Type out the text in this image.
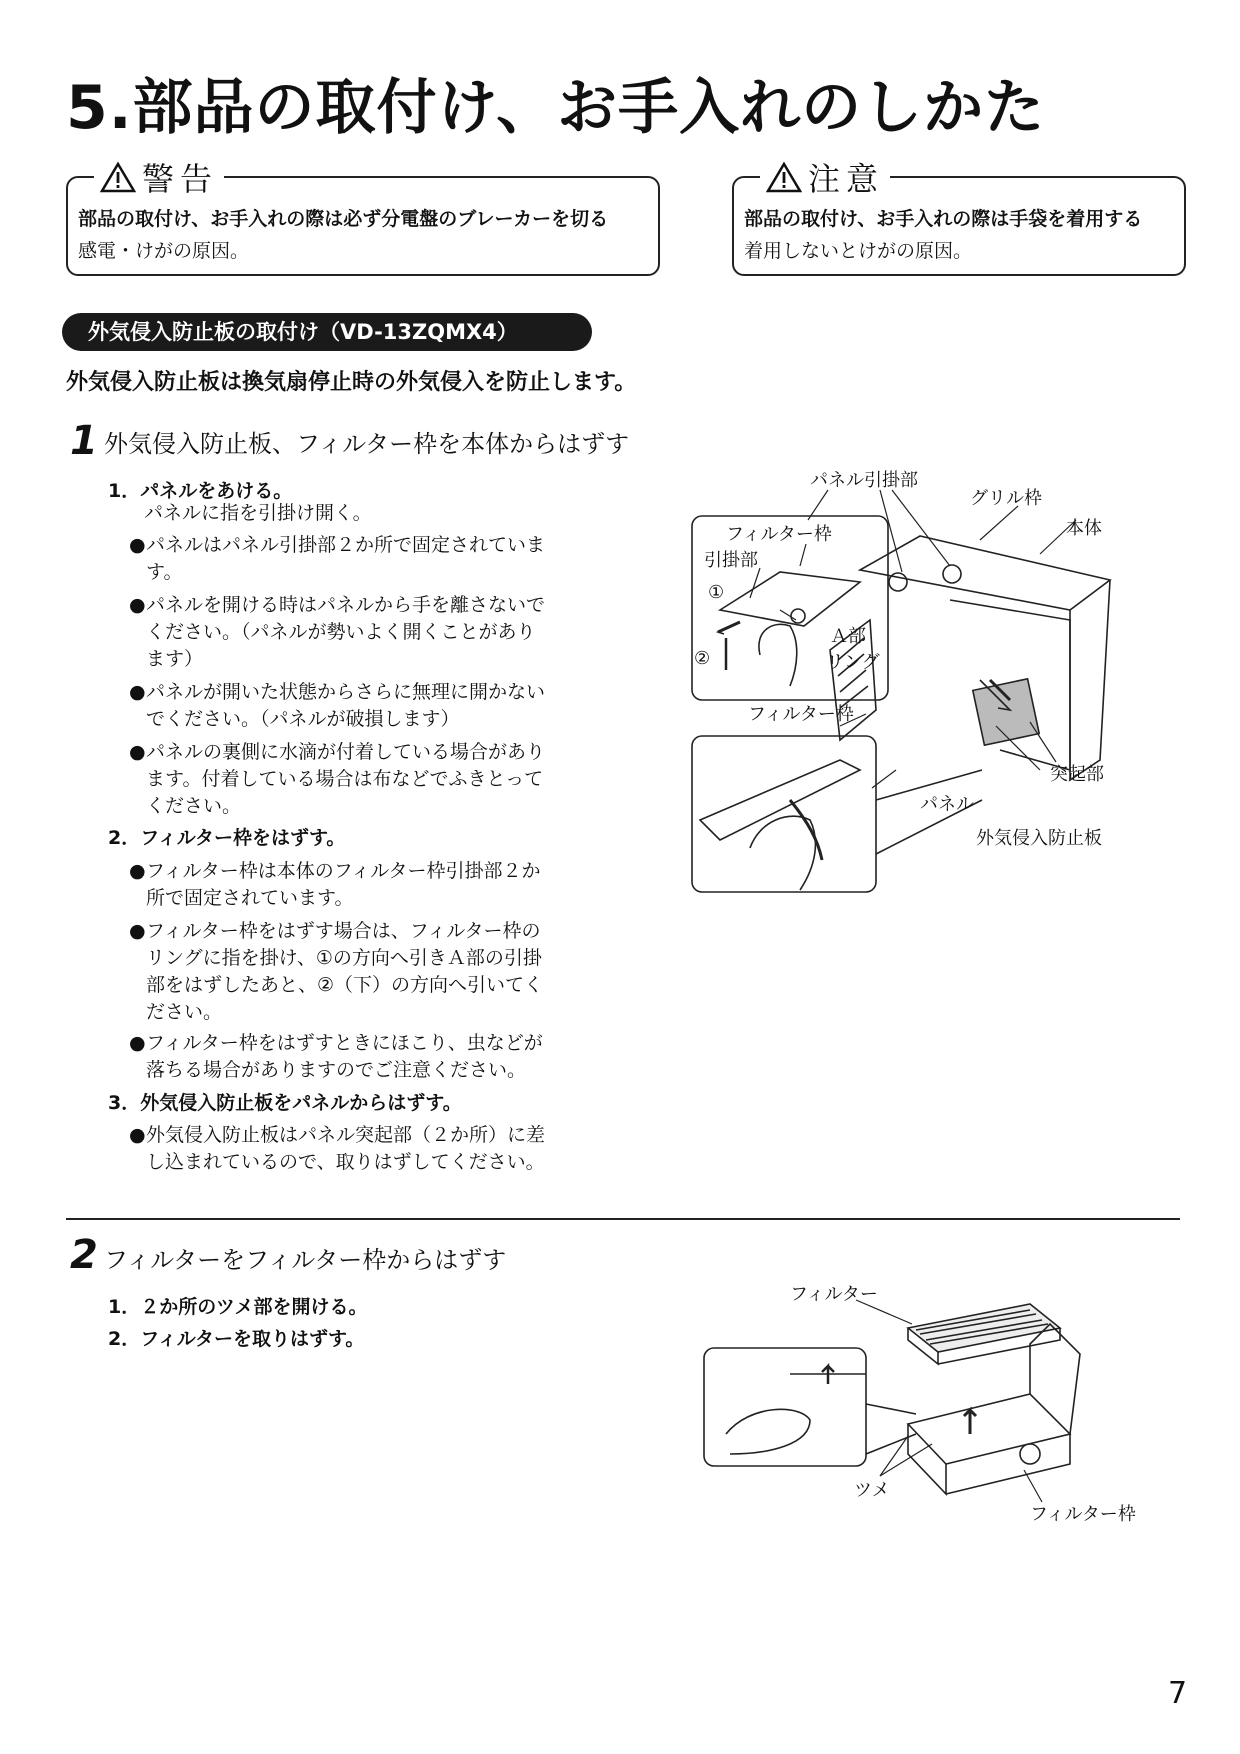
5.部品の取付け、お手入れのしかた
警告
部品の取付け、お手入れの際は必ず分電盤のブレーカーを切る
感電・けがの原因。
注意
部品の取付け、お手入れの際は手袋を着用する
着用しないとけがの原因。
外気侵入防止板の取付け（VD-13ZQMX4）
外気侵入防止板は換気扇停止時の外気侵入を防止します。
1 外気侵入防止板、フィルター枠を本体からはずす
1．パネルをあける。
パネルに指を引掛け開く。
● パネルはパネル引掛部２か所で固定されていま
す。
● パネルを開ける時はパネルから手を離さないで
ください。（パネルが勢いよく開くことがあり
ます）
● パネルが開いた状態からさらに無理に開かない
でください。（パネルが破損します）
● パネルの裏側に水滴が付着している場合があり
ます。付着している場合は布などでふきとって
ください。
2．フィルター枠をはずす。
● フィルター枠は本体のフィルター枠引掛部２か
所で固定されています。
● フィルター枠をはずす場合は、フィルター枠の
リングに指を掛け、①の方向へ引きＡ部の引掛
部をはずしたあと、②（下）の方向へ引いてく
ださい。
● フィルター枠をはずすときにほこり、虫などが
落ちる場合がありますのでご注意ください。
3．外気侵入防止板をパネルからはずす。
● 外気侵入防止板はパネル突起部（２か所）に差
し込まれているので、取りはずしてください。
パネル引掛部
グリル枠
本体
フィルター枠
引掛部
①
②
Ａ部
リング
フィルター枠
突起部
パネル
外気侵入防止板
2 フィルターをフィルター枠からはずす
1．２か所のツメ部を開ける。
2．フィルターを取りはずす。
フィルター
ツメ
フィルター枠
7
